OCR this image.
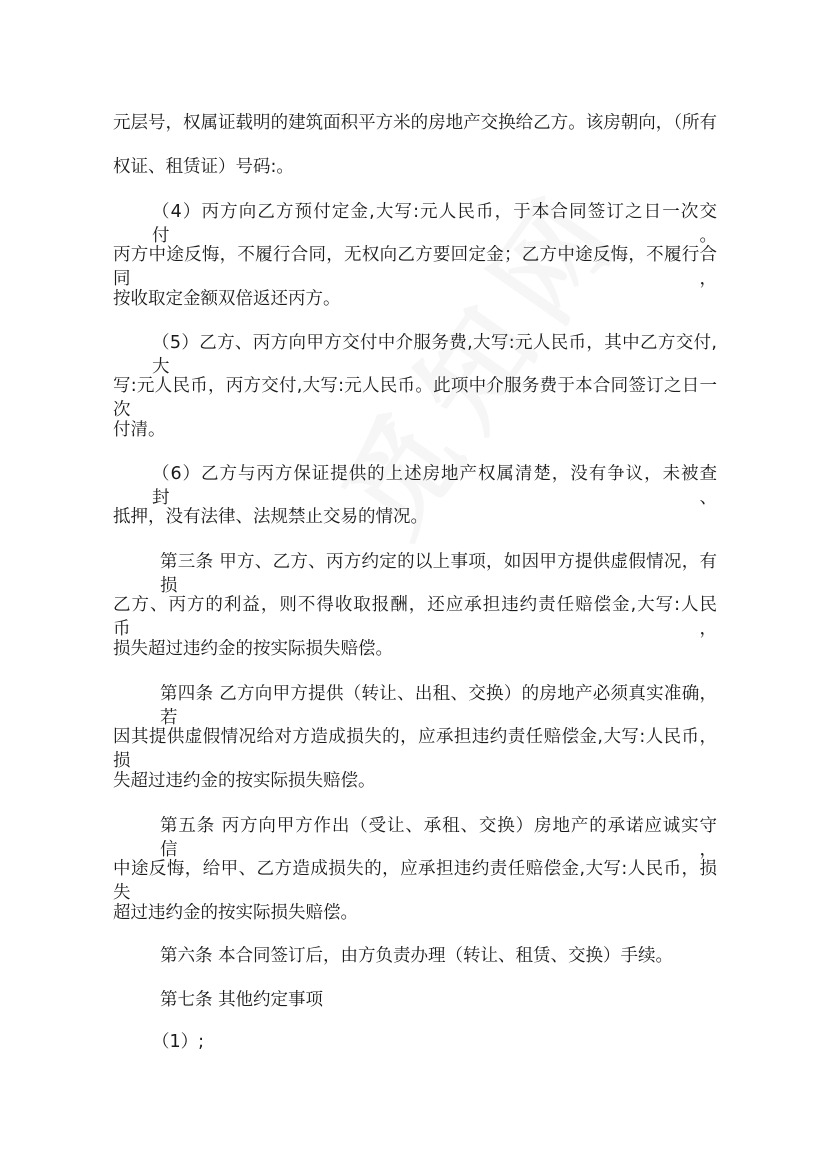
元层号，权属证载明的建筑面积平方米的房地产交换给乙方。该房朝向，（所有
权证、租赁证）号码:。
（4）丙方向乙方预付定金,大写:元人民币，于本合同签订之日一次交付。
丙方中途反悔，不履行合同，无权向乙方要回定金；乙方中途反悔，不履行合同，
按收取定金额双倍返还丙方。
（5）乙方、丙方向甲方交付中介服务费,大写:元人民币，其中乙方交付,大
写:元人民币，丙方交付,大写:元人民币。此项中介服务费于本合同签订之日一次
付清。
（6）乙方与丙方保证提供的上述房地产权属清楚，没有争议，未被查封、
抵押，没有法律、法规禁止交易的情况。
第三条 甲方、乙方、丙方约定的以上事项，如因甲方提供虚假情况，有损
乙方、丙方的利益，则不得收取报酬，还应承担违约责任赔偿金,大写:人民币，
损失超过违约金的按实际损失赔偿。
第四条 乙方向甲方提供（转让、出租、交换）的房地产必须真实准确，若
因其提供虚假情况给对方造成损失的，应承担违约责任赔偿金,大写:人民币，损
失超过违约金的按实际损失赔偿。
第五条 丙方向甲方作出（受让、承租、交换）房地产的承诺应诚实守信，
中途反悔，给甲、乙方造成损失的，应承担违约责任赔偿金,大写:人民币，损失
超过违约金的按实际损失赔偿。
第六条 本合同签订后，由方负责办理（转让、租赁、交换）手续。
第七条 其他约定事项
（1）;
